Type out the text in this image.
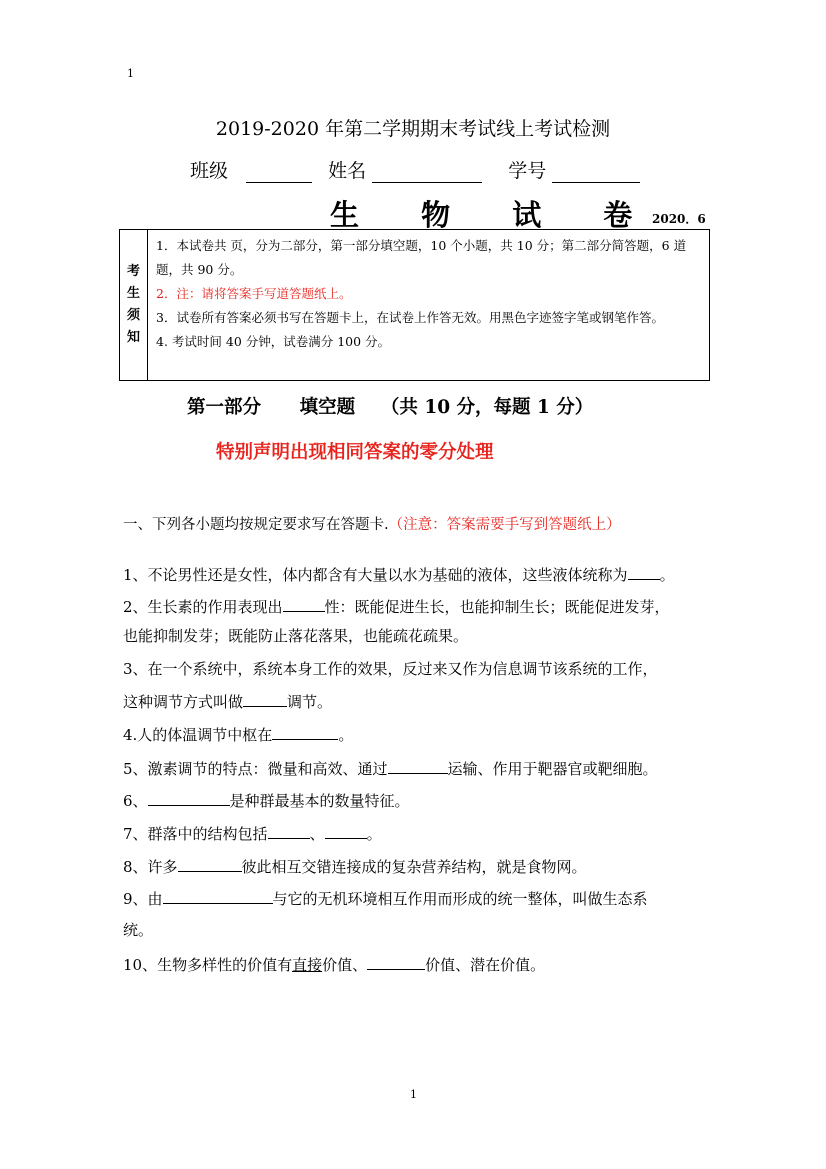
1
2019-2020 年第二学期期末考试线上考试检测
班级	姓名	学号
生 物 试 卷
2020．6
考
生
须
知

1．本试卷共 页，分为二部分，第一部分填空题，10 个小题，共 10 分；第二部分简答题，6 道题，共 90 分。
2．注：请将答案手写道答题纸上。
3．试卷所有答案必须书写在答题卡上，在试卷上作答无效。用黑色字迹签字笔或钢笔作答。
4. 考试时间 40 分钟，试卷满分 100 分。
第一部分      填空题    （共 10 分，每题 1 分）
特别声明出现相同答案的零分处理
一、下列各小题均按规定要求写在答题卡.（注意：答案需要手写到答题纸上）
1、不论男性还是女性，体内都含有大量以水为基础的液体，这些液体统称为 。
2、生长素的作用表现出	性：既能促进生长，也能抑制生长；既能促进发芽，
也能抑制发芽；既能防止落花落果，也能疏花疏果。
3、在一个系统中，系统本身工作的效果，反过来又作为信息调节该系统的工作，
这种调节方式叫做	调节。
4.人的体温调节中枢在	。
5、激素调节的特点：微量和高效、通过	运输、作用于靶器官或靶细胞。
6、	是种群最基本的数量特征。
7、群落中的结构包括	、	。
8、许多	彼此相互交错连接成的复杂营养结构，就是食物网。
9、由	与它的无机环境相互作用而形成的统一整体，叫做生态系
统。
10、生物多样性的价值有直接价值、	价值、潜在价值。
1
